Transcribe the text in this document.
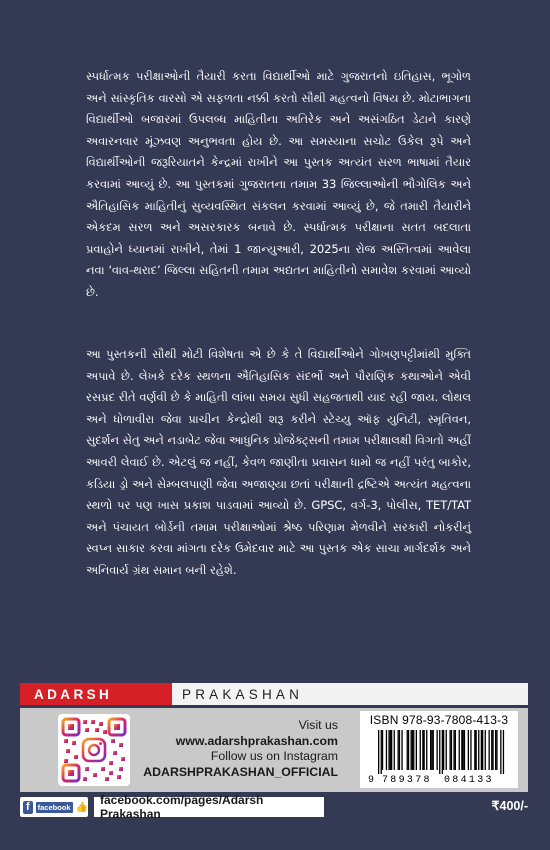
સ્પર્ધાત્મક પરીક્ષાઓની તૈયારી કરતા વિદ્યાર્થીઓ માટે ગુજરાતનો ઇતિહાસ, ભૂગોળ અને સાંસ્કૃતિક વારસો એ સફળતા નક્કી કરતો સૌથી મહત્વનો વિષય છે. મોટાભાગના વિદ્યાર્થીઓ બજારમાં ઉપલબ્ધ માહિતીના અતિરેક અને અસંગઠિત ડેટાને કારણે અવારનવાર મૂંઝવણ અનુભવતા હોય છે. આ સમસ્યાના સચોટ ઉકેલ રૂપે અને વિદ્યાર્થીઓની જરૂરિયાતને કેન્દ્રમાં રાખીને આ પુસ્તક અત્યંત સરળ ભાષામાં તૈયાર કરવામાં આવ્યું છે. આ પુસ્તકમાં ગુજરાતના તમામ 33 જિલ્લાઓની ભૌગોલિક અને ઐતિહાસિક માહિતીનું સુવ્યવસ્થિત સંકલન કરવામાં આવ્યું છે, જે તમારી તૈયારીને એકદમ સરળ અને અસરકારક બનાવે છે. સ્પર્ધાત્મક પરીક્ષાના સતત બદલાતા પ્રવાહોને ધ્યાનમાં રાખીને, તેમાં 1 જાન્યુઆરી, 2025ના રોજ અસ્તિત્વમાં આવેલા નવા ‘વાવ-થરાદ’ જિલ્લા સહિતની તમામ અદ્યતન માહિતીનો સમાવેશ કરવામાં આવ્યો છે.
આ પુસ્તકની સૌથી મોટી વિશેષતા એ છે કે તે વિદ્યાર્થીઓને ગોખણપટ્ટીમાંથી મુક્તિ અપાવે છે. લેખકે દરેક સ્થળના ઐતિહાસિક સંદર્ભો અને પૌરાણિક કથાઓને એવી રસપ્રદ રીતે વર્ણવી છે કે માહિતી લાંબા સમય સુધી સહજતાથી યાદ રહી જાય. લોથલ અને ધોળાવીરા જેવા પ્રાચીન કેન્દ્રોથી શરૂ કરીને સ્ટેચ્યુ ઑફ યુનિટી, સ્મૃતિવન, સુદર્શન સેતુ અને નડાબેટ જેવા આધુનિક પ્રોજેક્ટ્સની તમામ પરીક્ષાલક્ષી વિગતો અહીં આવરી લેવાઈ છે. એટલું જ નહીં, કેવળ જાણીતા પ્રવાસન ધામો જ નહીં પરંતુ બાકોર, કડિયા ડ્રો અને સેમ્બલપાણી જેવા અજાણ્યા છતાં પરીક્ષાની દ્રષ્ટિએ અત્યંત મહત્વના સ્થળો પર પણ ખાસ પ્રકાશ પાડવામાં આવ્યો છે. GPSC, વર્ગ-3, પોલીસ, TET/TAT અને પંચાયત બોર્ડની તમામ પરીક્ષાઓમાં શ્રેષ્ઠ પરિણામ મેળવીને સરકારી નોકરીનું સ્વપ્ન સાકાર કરવા માંગતા દરેક ઉમેદવાર માટે આ પુસ્તક એક સાચા માર્ગદર્શક અને અનિવાર્ય ગ્રંથ સમાન બની રહેશે.
ADARSH	PRAKASHAN
Visit us
www.adarshprakashan.com
Follow us on Instagram
ADARSHPRAKASHAN_OFFICIAL
ISBN 978-93-7808-413-3
9 789378 084133
f	facebook 👍	facebook.com/pages/Adarsh Prakashan
₹400/-
